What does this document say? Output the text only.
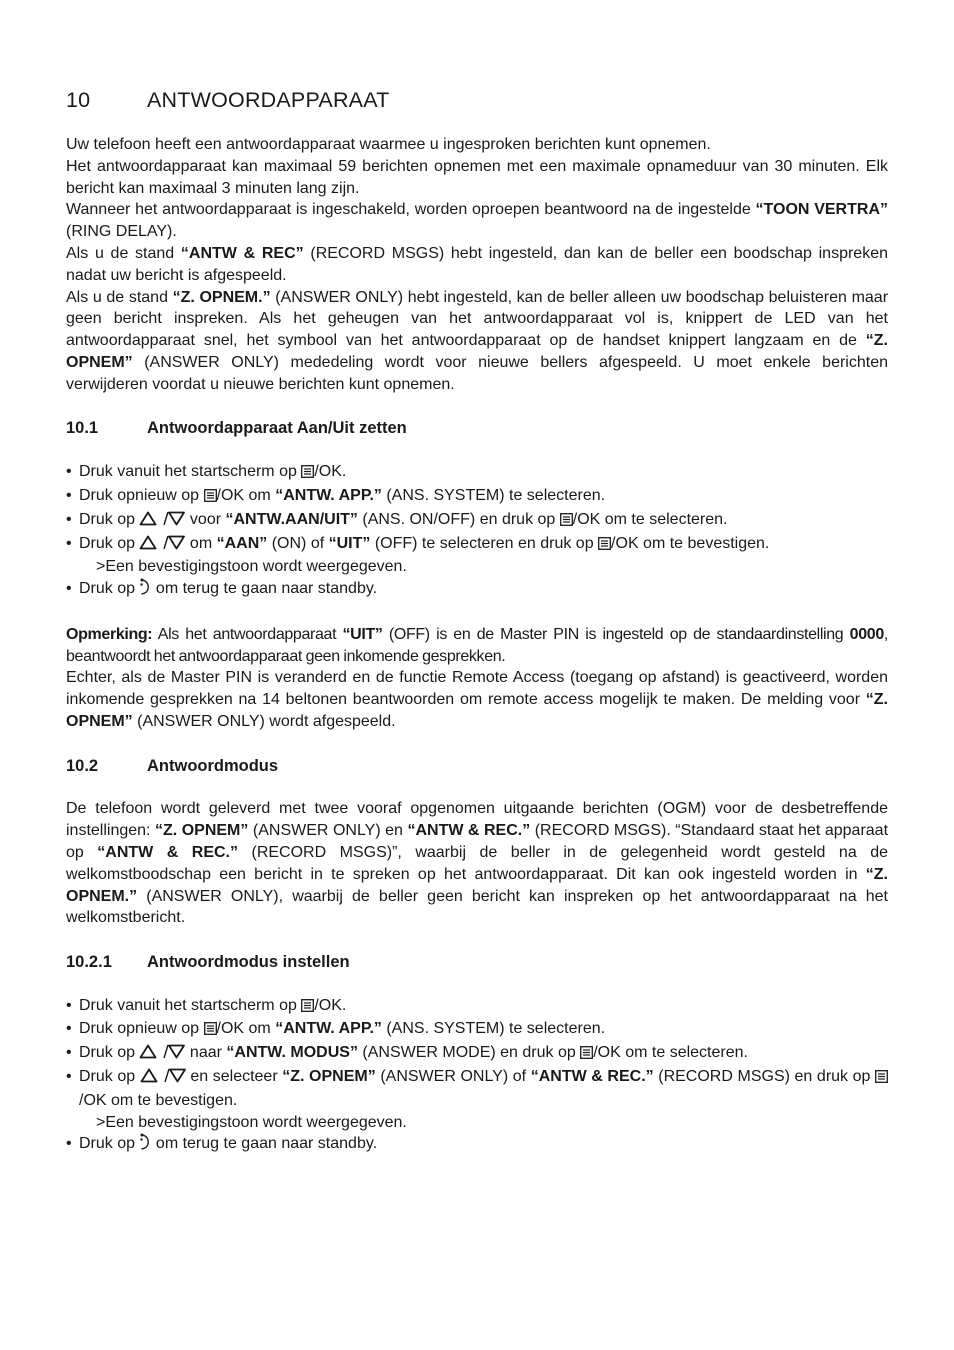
10	ANTWOORDAPPARAAT

Uw telefoon heeft een antwoordapparaat waarmee u ingesproken berichten kunt opnemen.

Het antwoordapparaat kan maximaal 59 berichten opnemen met een maximale opnameduur van 30 minuten. Elk bericht kan maximaal 3 minuten lang zijn.

Wanneer het antwoordapparaat is ingeschakeld, worden oproepen beantwoord na de ingestelde “TOON VERTRA” (RING DELAY).

Als u de stand “ANTW & REC” (RECORD MSGS) hebt ingesteld, dan kan de beller een boodschap inspreken nadat uw bericht is afgespeeld.

Als u de stand “Z. OPNEM.” (ANSWER ONLY) hebt ingesteld, kan de beller alleen uw boodschap beluisteren maar geen bericht inspreken. Als het geheugen van het antwoordapparaat vol is, knippert de LED van het antwoordapparaat snel, het symbool van het antwoordapparaat op de handset knippert langzaam en de “Z. OPNEM” (ANSWER ONLY) mededeling wordt voor nieuwe bellers afgespeeld. U moet enkele berichten verwijderen voordat u nieuwe berichten kunt opnemen.

10.1	Antwoordapparaat Aan/Uit zetten
• Druk vanuit het startscherm op /OK.
• Druk opnieuw op /OK om “ANTW. APP.” (ANS. SYSTEM) te selecteren.
• Druk op	voor “ANTW.AAN/UIT” (ANS. ON/OFF) en druk op /OK om te selecteren.
• Druk op	om “AAN” (ON) of “UIT” (OFF) te selecteren en druk op /OK om te bevestigen.
>Een bevestigingstoon wordt weergegeven.
• Druk op  om terug te gaan naar standby.

Opmerking: Als het antwoordapparaat “UIT” (OFF) is en de Master PIN is ingesteld op de standaardinstelling 0000, beantwoordt het antwoordapparaat geen inkomende gesprekken.

Echter, als de Master PIN is veranderd en de functie Remote Access (toegang op afstand) is geactiveerd, worden inkomende gesprekken na 14 beltonen beantwoorden om remote access mogelijk te maken. De melding voor “Z. OPNEM” (ANSWER ONLY) wordt afgespeeld.

10.2	Antwoordmodus

De telefoon wordt geleverd met twee vooraf opgenomen uitgaande berichten (OGM) voor de desbetreffende instellingen: “Z. OPNEM” (ANSWER ONLY) en “ANTW & REC.” (RECORD MSGS). “Standaard staat het apparaat op “ANTW & REC.” (RECORD MSGS)”, waarbij de beller in de gelegenheid wordt gesteld na de welkomstboodschap een bericht in te spreken op het antwoordapparaat. Dit kan ook ingesteld worden in “Z. OPNEM.” (ANSWER ONLY), waarbij de beller geen bericht kan inspreken op het antwoordapparaat na het welkomstbericht.

10.2.1 Antwoordmodus instellen
• Druk vanuit het startscherm op /OK.
• Druk opnieuw op /OK om “ANTW. APP.” (ANS. SYSTEM) te selecteren.
• Druk op	naar “ANTW. MODUS” (ANSWER MODE) en druk op /OK om te selecteren.
• Druk op	en selecteer “Z. OPNEM” (ANSWER ONLY) of “ANTW & REC.” (RECORD MSGS) en druk op /OK om te bevestigen.
>Een bevestigingstoon wordt weergegeven.
• Druk op  om terug te gaan naar standby.
